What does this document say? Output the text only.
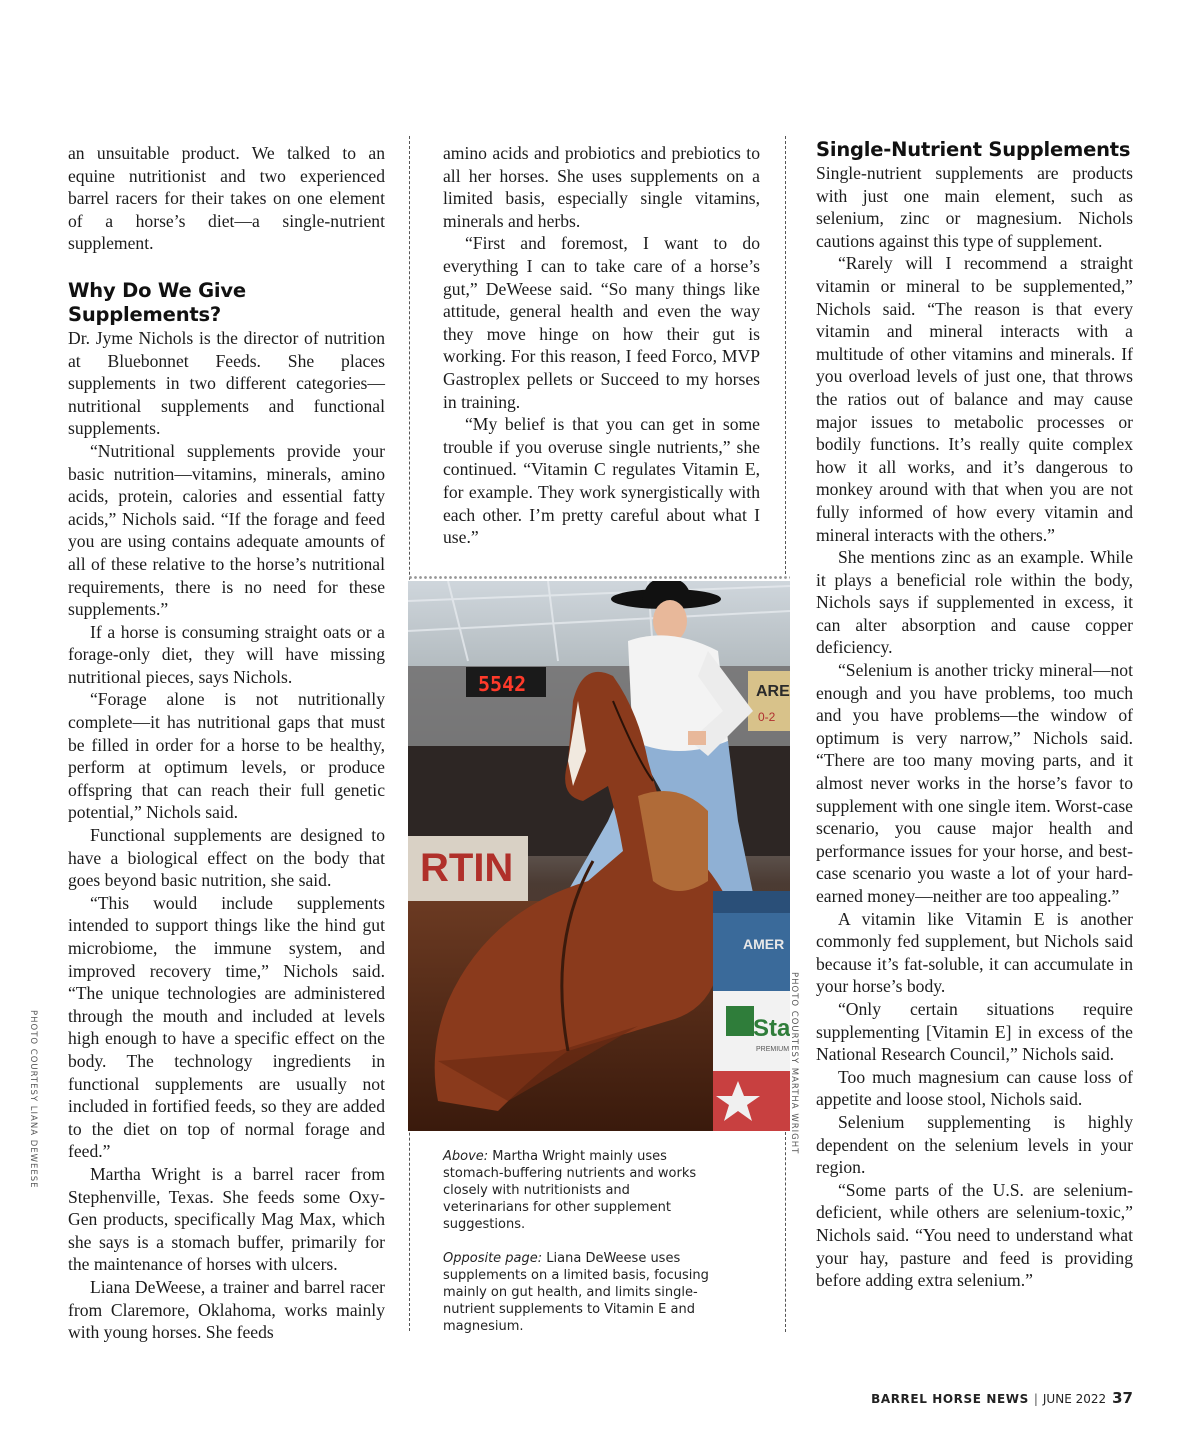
an unsuitable product. We talked to an equine nutritionist and two experienced barrel racers for their takes on one element of a horse’s diet—a single-nutrient supplement.

Why Do We Give Supplements?

Dr. Jyme Nichols is the director of nutrition at Bluebonnet Feeds. She places supplements in two different categories—nutritional supplements and functional supplements.

“Nutritional supplements provide your basic nutrition—vitamins, minerals, amino acids, protein, calories and essential fatty acids,” Nichols said. “If the forage and feed you are using contains adequate amounts of all of these relative to the horse’s nutritional requirements, there is no need for these supplements.”

If a horse is consuming straight oats or a forage-only diet, they will have missing nutritional pieces, says Nichols.

“Forage alone is not nutritionally complete—it has nutritional gaps that must be filled in order for a horse to be healthy, perform at optimum levels, or produce offspring that can reach their full genetic potential,” Nichols said.

Functional supplements are designed to have a biological effect on the body that goes beyond basic nutrition, she said.

“This would include supplements intended to support things like the hind gut microbiome, the immune system, and improved recovery time,” Nichols said. “The unique technologies are administered through the mouth and included at levels high enough to have a specific effect on the body. The technology ingredients in functional supplements are usually not included in fortified feeds, so they are added to the diet on top of normal forage and feed.”

Martha Wright is a barrel racer from Stephenville, Texas. She feeds some Oxy-Gen products, specifically Mag Max, which she says is a stomach buffer, primarily for the maintenance of horses with ulcers.

Liana DeWeese, a trainer and barrel racer from Claremore, Oklahoma, works mainly with young horses. She feeds

amino acids and probiotics and prebiotics to all her horses. She uses supplements on a limited basis, especially single vitamins, minerals and herbs.

“First and foremost, I want to do everything I can to take care of a horse’s gut,” DeWeese said. “So many things like attitude, general health and even the way they move hinge on how their gut is working. For this reason, I feed Forco, MVP Gastroplex pellets or Succeed to my horses in training.

“My belief is that you can get in some trouble if you overuse single nutrients,” she continued. “Vitamin C regulates Vitamin E, for example. They work synergistically with each other. I’m pretty careful about what I use.”

5542	ARE
0-2
RTIN
AMER
Sta
PREMIUM PHOTO COURTESY MARTHA WRIGHT
PHOTO COURTESY LIANA DEWEESE
Single-Nutrient Supplements

Single-nutrient supplements are products with just one main element, such as selenium, zinc or magnesium. Nichols cautions against this type of supplement.

“Rarely will I recommend a straight vitamin or mineral to be supplemented,” Nichols said. “The reason is that every vitamin and mineral interacts with a multitude of other vitamins and minerals. If you overload levels of just one, that throws the ratios out of balance and may cause major issues to metabolic processes or bodily functions. It’s really quite complex how it all works, and it’s dangerous to monkey around with that when you are not fully informed of how every vitamin and mineral interacts with the others.”

She mentions zinc as an example. While it plays a beneficial role within the body, Nichols says if supplemented in excess, it can alter absorption and cause copper deficiency.

“Selenium is another tricky mineral—not enough and you have problems, too much and you have problems—the window of optimum is very narrow,” Nichols said. “There are too many moving parts, and it almost never works in the horse’s favor to supplement with one single item. Worst-case scenario, you cause major health and performance issues for your horse, and best-case scenario you waste a lot of your hard-earned money—neither are too appealing.”

A vitamin like Vitamin E is another commonly fed supplement, but Nichols said because it’s fat-soluble, it can accumulate in your horse’s body.

“Only certain situations require supplementing [Vitamin E] in excess of the National Research Council,” Nichols said.

Too much magnesium can cause loss of appetite and loose stool, Nichols said.

Selenium supplementing is highly dependent on the selenium levels in your region.

“Some parts of the U.S. are selenium-deficient, while others are selenium-toxic,” Nichols said. “You need to understand what your hay, pasture and feed is providing before adding extra selenium.”

Above: Martha Wright mainly uses stomach-buffering nutrients and works closely with nutritionists and veterinarians for other supplement suggestions.

Opposite page: Liana DeWeese uses supplements on a limited basis, focusing mainly on gut health, and limits single-nutrient supplements to Vitamin E and magnesium.

BARREL HORSE NEWS | JUNE 2022 37
